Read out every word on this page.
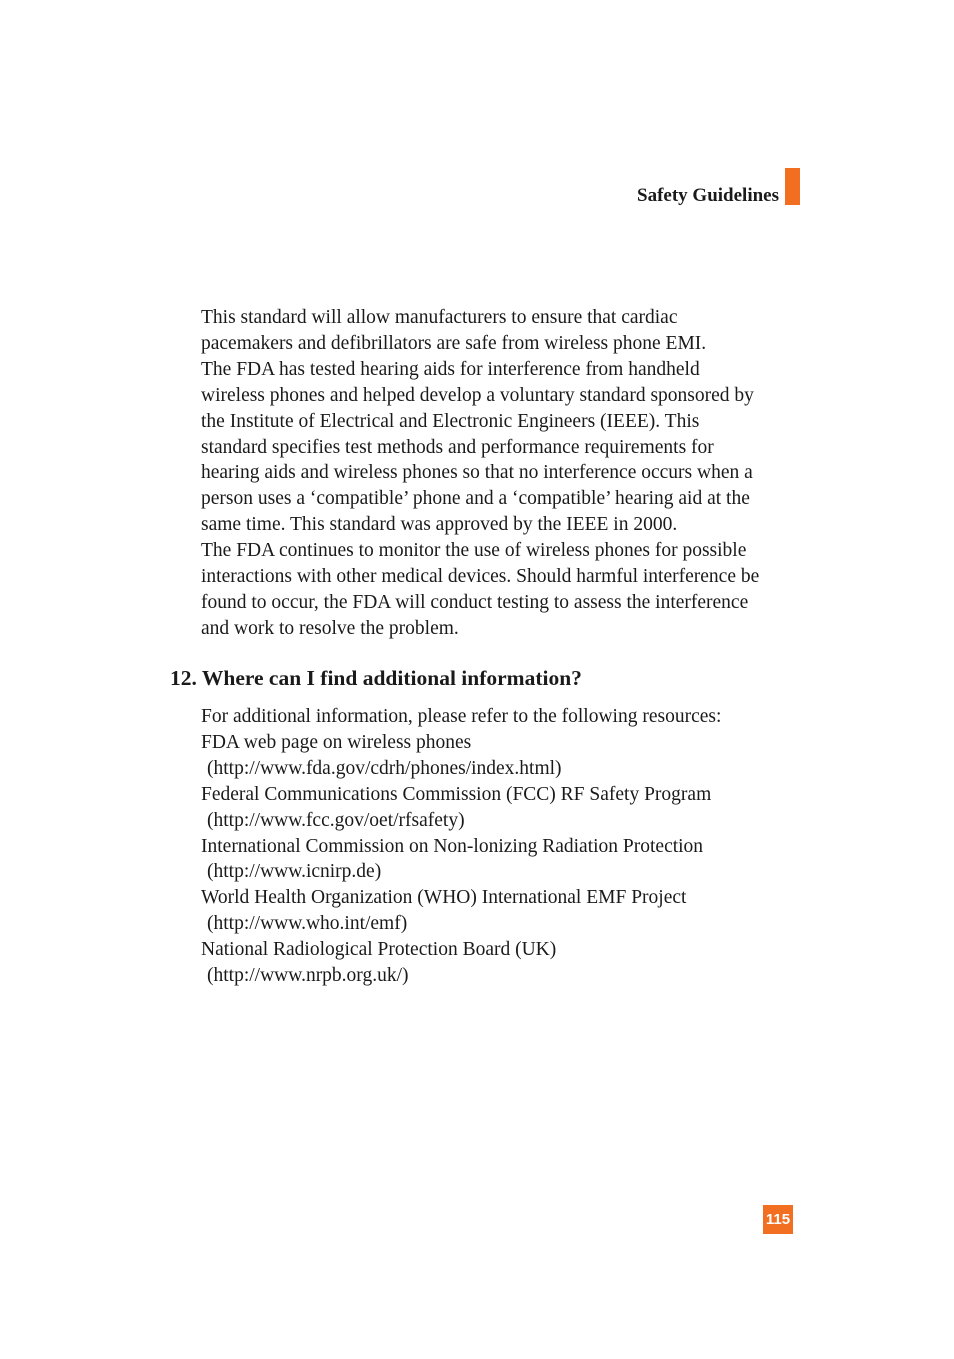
Safety Guidelines

This standard will allow manufacturers to ensure that cardiac

pacemakers and defibrillators are safe from wireless phone EMI.

The FDA has tested hearing aids for interference from handheld

wireless phones and helped develop a voluntary standard sponsored by

the Institute of Electrical and Electronic Engineers (IEEE). This

standard specifies test methods and performance requirements for

hearing aids and wireless phones so that no interference occurs when a

person uses a ‘compatible’ phone and a ‘compatible’ hearing aid at the

same time. This standard was approved by the IEEE in 2000.

The FDA continues to monitor the use of wireless phones for possible

interactions with other medical devices. Should harmful interference be

found to occur, the FDA will conduct testing to assess the interference

and work to resolve the problem.

12. Where can I find additional information?
For additional information, please refer to the following resources:
FDA web page on wireless phones
(http://www.fda.gov/cdrh/phones/index.html)
Federal Communications Commission (FCC) RF Safety Program
(http://www.fcc.gov/oet/rfsafety)
International Commission on Non-lonizing Radiation Protection
(http://www.icnirp.de)
World Health Organization (WHO) International EMF Project
(http://www.who.int/emf)
National Radiological Protection Board (UK)
(http://www.nrpb.org.uk/)
115
